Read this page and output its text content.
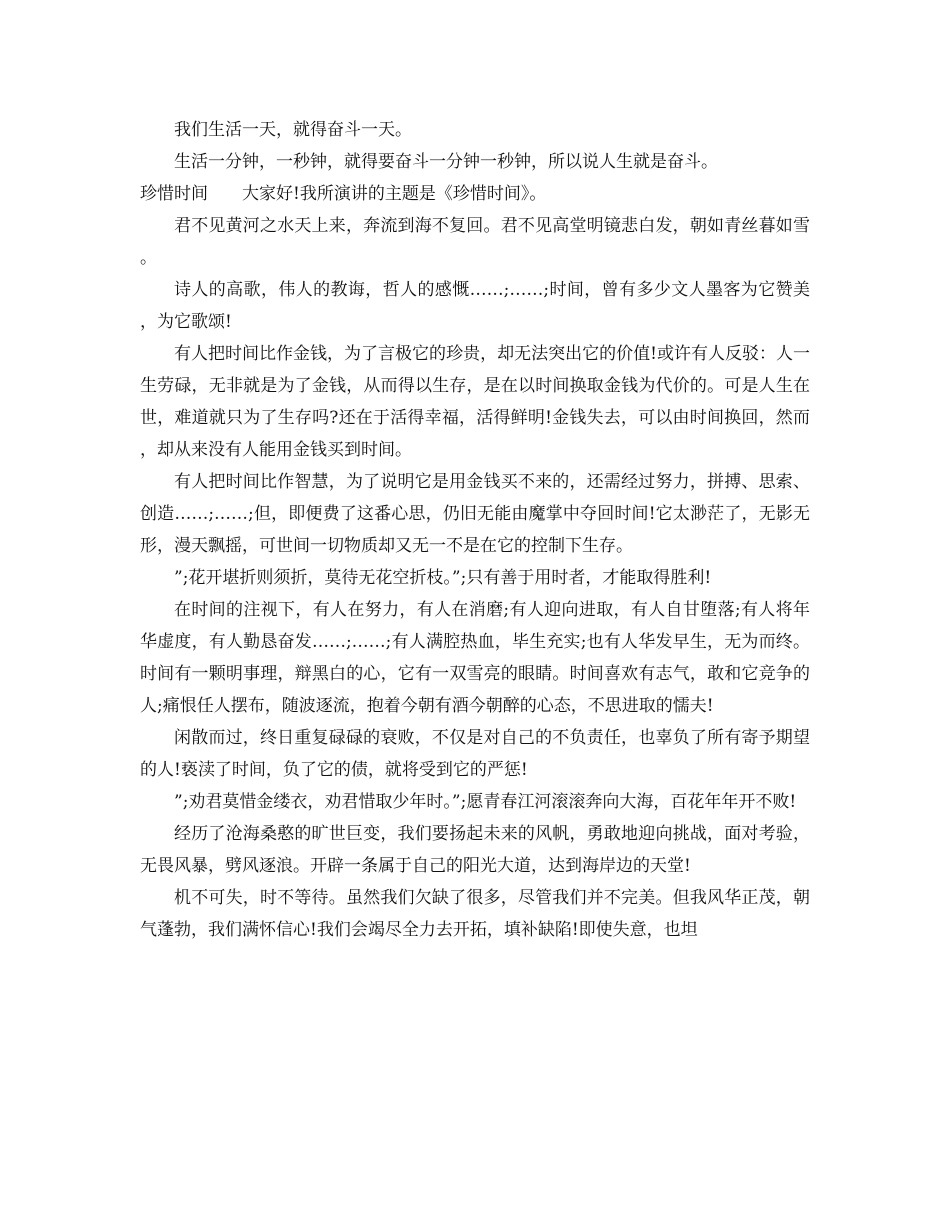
我们生活一天，就得奋斗一天。

生活一分钟，一秒钟，就得要奋斗一分钟一秒钟，所以说人生就是奋斗。

珍惜时间　　大家好!我所演讲的主题是《珍惜时间》。

君不见黄河之水天上来，奔流到海不复回。君不见高堂明镜悲白发，朝如青丝暮如雪。

诗人的高歌，伟人的教诲，哲人的感慨……;……;时间，曾有多少文人墨客为它赞美，为它歌颂!

有人把时间比作金钱，为了言极它的珍贵，却无法突出它的价值!或许有人反驳：人一生劳碌，无非就是为了金钱，从而得以生存，是在以时间换取金钱为代价的。可是人生在世，难道就只为了生存吗?还在于活得幸福，活得鲜明!金钱失去，可以由时间换回，然而，却从来没有人能用金钱买到时间。

有人把时间比作智慧，为了说明它是用金钱买不来的，还需经过努力，拼搏、思索、创造……;……;但，即便费了这番心思，仍旧无能由魔掌中夺回时间!它太渺茫了，无影无形，漫天飘摇，可世间一切物质却又无一不是在它的控制下生存。

”;花开堪折则须折，莫待无花空折枝。”;只有善于用时者，才能取得胜利!

在时间的注视下，有人在努力，有人在消磨;有人迎向进取，有人自甘堕落;有人将年华虚度，有人勤恳奋发……;……;有人满腔热血，毕生充实;也有人华发早生，无为而终。时间有一颗明事理，辩黑白的心，它有一双雪亮的眼睛。时间喜欢有志气，敢和它竞争的人;痛恨任人摆布，随波逐流，抱着今朝有酒今朝醉的心态，不思进取的懦夫!

闲散而过，终日重复碌碌的衰败，不仅是对自己的不负责任，也辜负了所有寄予期望的人!亵渎了时间，负了它的债，就将受到它的严惩!

”;劝君莫惜金缕衣，劝君惜取少年时。”;愿青春江河滚滚奔向大海，百花年年开不败!

经历了沧海桑憨的旷世巨变，我们要扬起未来的风帆，勇敢地迎向挑战，面对考验，无畏风暴，劈风逐浪。开辟一条属于自己的阳光大道，达到海岸边的天堂!

机不可失，时不等待。虽然我们欠缺了很多，尽管我们并不完美。但我风华正茂，朝气蓬勃，我们满怀信心!我们会竭尽全力去开拓，填补缺陷!即使失意，也坦
